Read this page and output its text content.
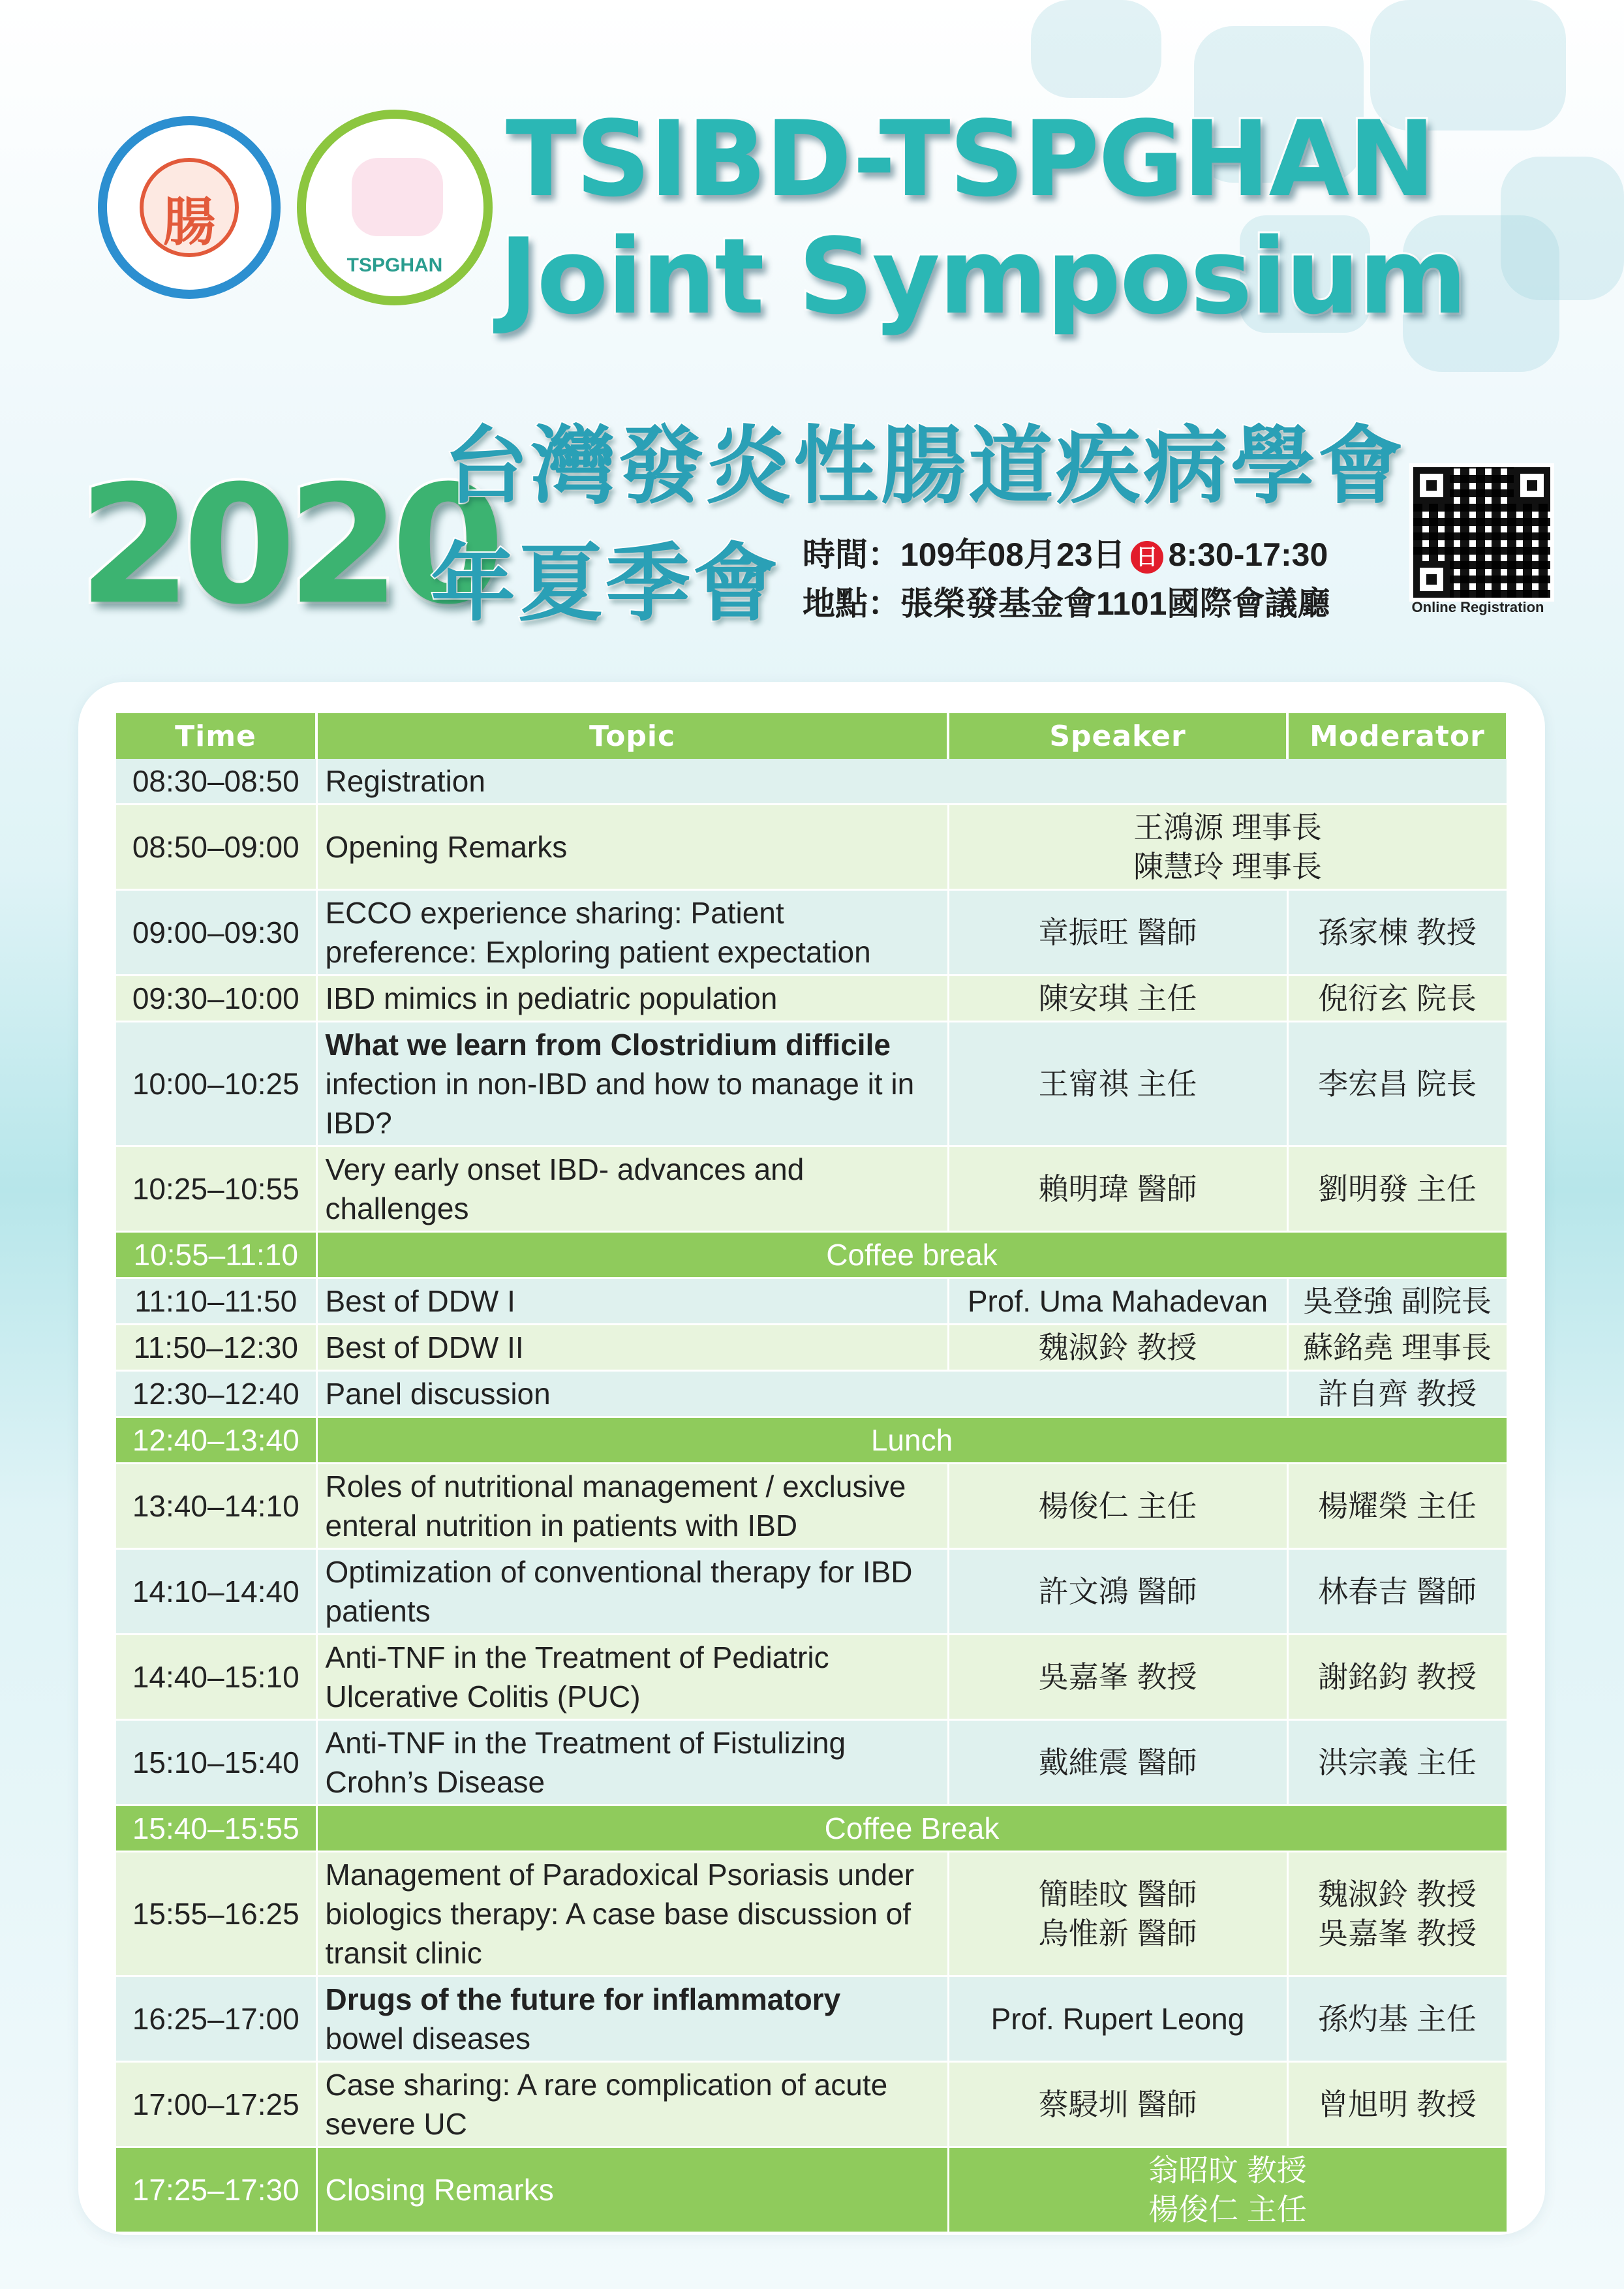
腸
TSPGHAN
TSIBD-TSPGHAN
Joint Symposium
2020
台灣發炎性腸道疾病學會
年夏季會 時間：109年08月23日 日 8:30-17:30
地點：張榮發基金會1101國際會議廳	Online Registration
Time	Topic	Speaker	Moderator
08:30–08:50	Registration		
08:50–09:00	Opening Remarks	王鴻源 理事長
陳慧玲 理事長	
09:00–09:30	ECCO experience sharing: Patient preference: Exploring patient expectation	章振旺 醫師	孫家棟 教授
09:30–10:00	IBD mimics in pediatric population	陳安琪 主任	倪衍玄 院長
10:00–10:25	What we learn from Clostridium difficile
infection in non-IBD and how to manage it in IBD?	王甯祺 主任	李宏昌 院長
10:25–10:55	Very early onset IBD- advances and challenges	賴明瑋 醫師	劉明發 主任
10:55–11:10	Coffee break		
11:10–11:50	Best of DDW I	Prof. Uma Mahadevan	吳登強 副院長
11:50–12:30	Best of DDW II	魏淑鈴 教授	蘇銘堯 理事長
12:30–12:40	Panel discussion		許自齊 教授
12:40–13:40	Lunch		
13:40–14:10	Roles of nutritional management / exclusive enteral nutrition in patients with IBD	楊俊仁 主任	楊耀榮 主任
14:10–14:40	Optimization of conventional therapy for IBD patients	許文鴻 醫師	林春吉 醫師
14:40–15:10	Anti-TNF in the Treatment of Pediatric Ulcerative Colitis (PUC)	吳嘉峯 教授	謝銘鈞 教授
15:10–15:40	Anti-TNF in the Treatment of Fistulizing Crohn’s Disease	戴維震 醫師	洪宗義 主任
15:40–15:55	Coffee Break		
15:55–16:25	Management of Paradoxical Psoriasis under biologics therapy: A case base discussion of transit clinic	簡睦旼 醫師
烏惟新 醫師	魏淑鈴 教授
吳嘉峯 教授
16:25–17:00	Drugs of the future for inflammatory
bowel diseases	Prof. Rupert Leong	孫灼基 主任
17:00–17:25	Case sharing: A rare complication of acute severe UC	蔡駸圳 醫師	曾旭明 教授
17:25–17:30	Closing Remarks	翁昭旼 教授
楊俊仁 主任	
